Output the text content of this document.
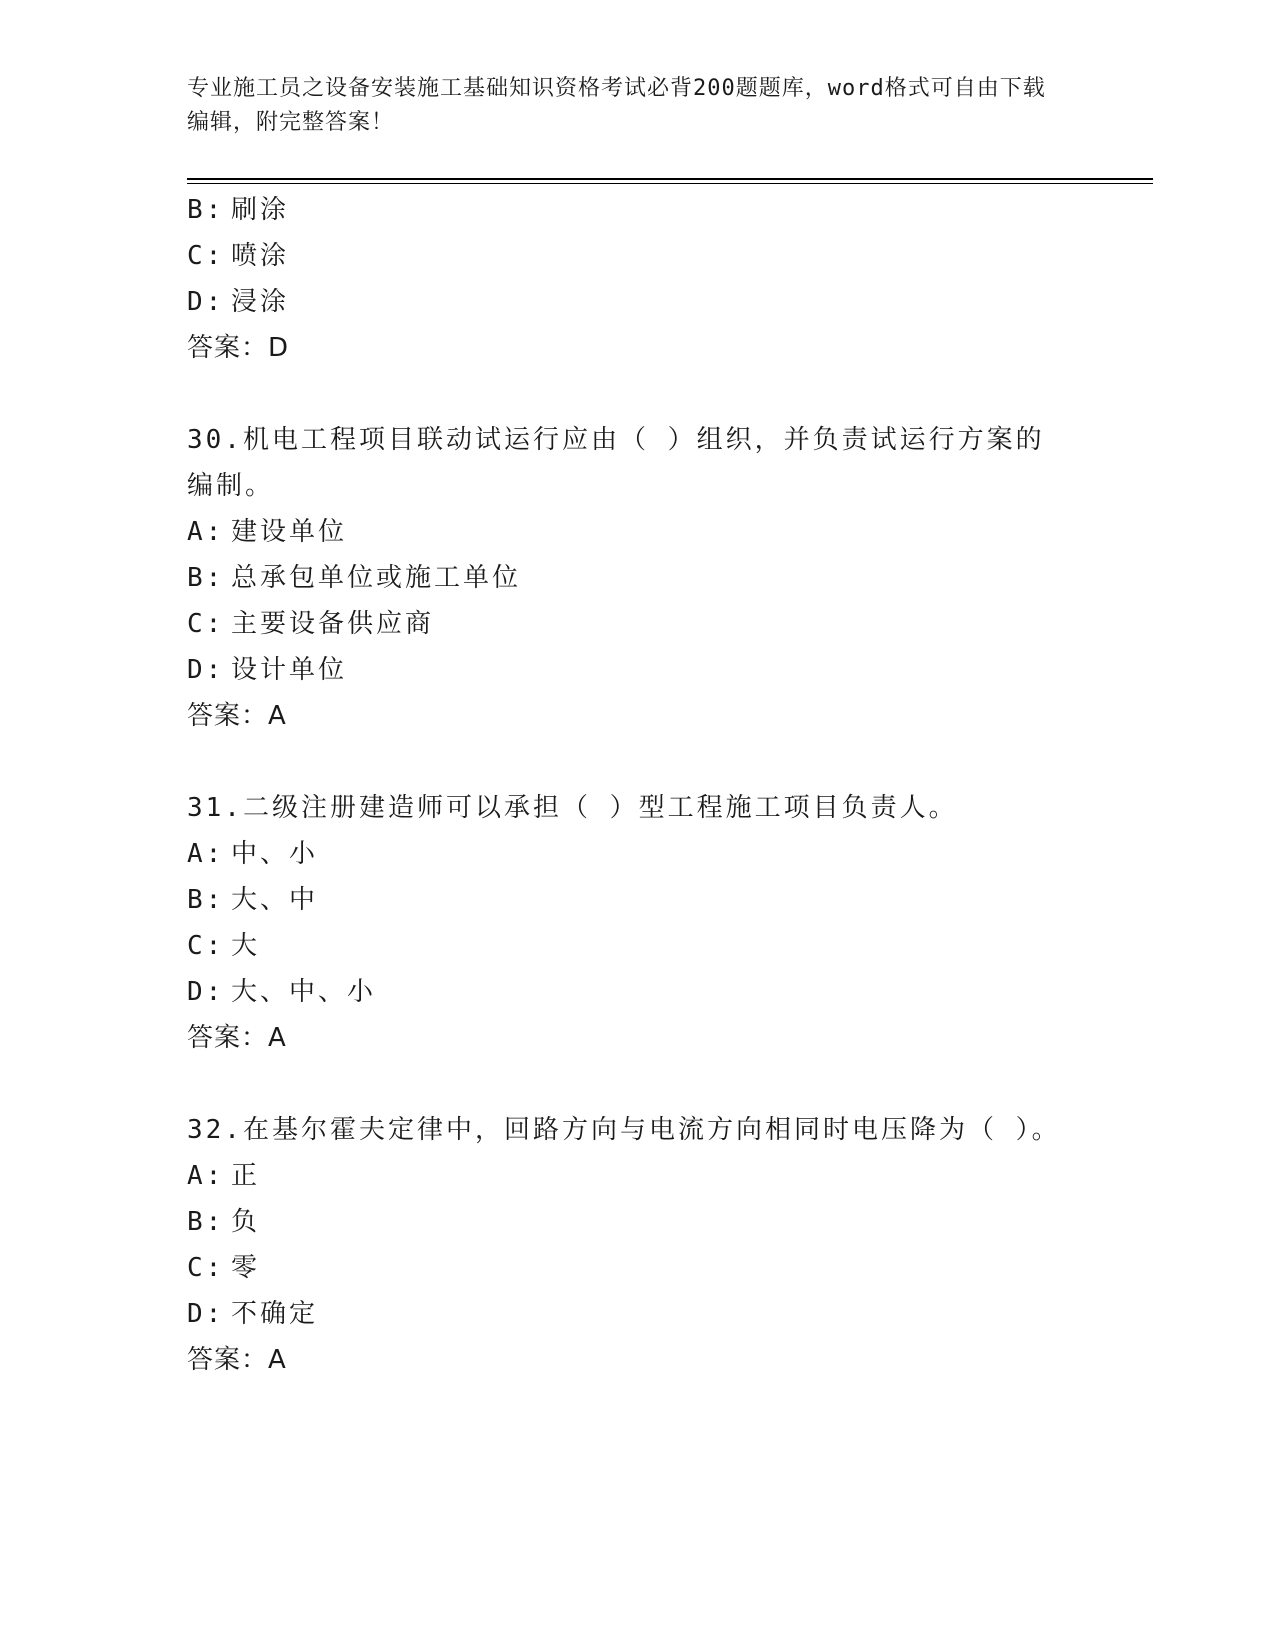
专业施工员之设备安装施工基础知识资格考试必背200题题库，word格式可自由下载编辑，附完整答案！

B: 刷涂
C: 喷涂
D: 浸涂
答案：D
30.机电工程项目联动试运行应由（ ）组织，并负责试运行方案的编制。
A: 建设单位
B: 总承包单位或施工单位
C: 主要设备供应商
D: 设计单位
答案：A
31.二级注册建造师可以承担（ ）型工程施工项目负责人。
A: 中、小
B: 大、中
C: 大
D: 大、中、小
答案：A
32.在基尔霍夫定律中，回路方向与电流方向相同时电压降为（ ）。
A: 正
B: 负
C: 零
D: 不确定
答案：A
